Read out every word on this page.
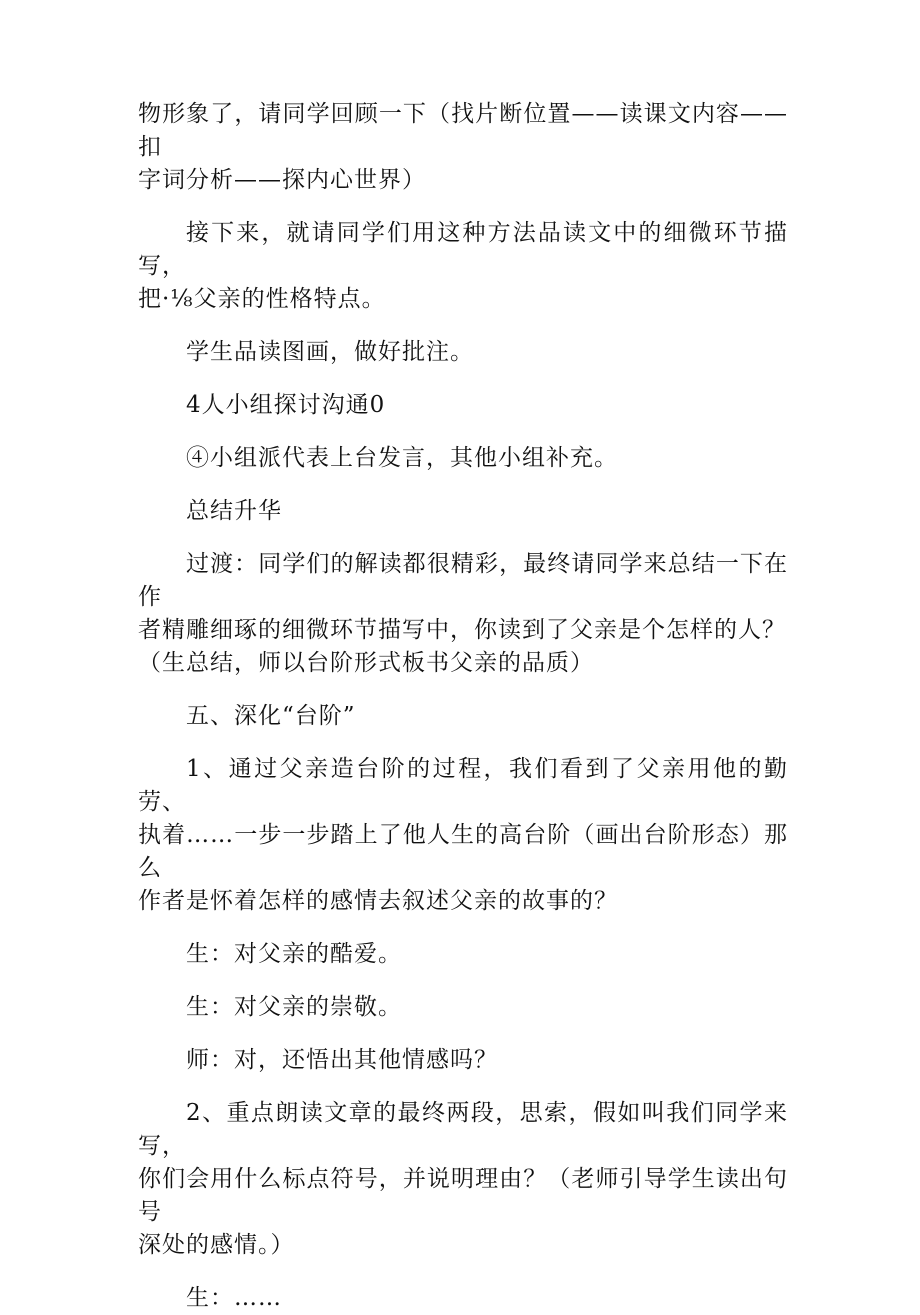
物形象了，请同学回顾一下（找片断位置——读课文内容——扣
字词分析——探内心世界）

接下来，就请同学们用这种方法品读文中的细微环节描写，
把·⅛父亲的性格特点。

学生品读图画，做好批注。

4人小组探讨沟通0

④小组派代表上台发言，其他小组补充。

总结升华

过渡：同学们的解读都很精彩，最终请同学来总结一下在作
者精雕细琢的细微环节描写中，你读到了父亲是个怎样的人？
（生总结，师以台阶形式板书父亲的品质）

五、深化“台阶”

1、通过父亲造台阶的过程，我们看到了父亲用他的勤劳、
执着……一步一步踏上了他人生的高台阶（画出台阶形态）那么
作者是怀着怎样的感情去叙述父亲的故事的？

生：对父亲的酷爱。

生：对父亲的崇敬。

师：对，还悟出其他情感吗？

2、重点朗读文章的最终两段，思索，假如叫我们同学来写，
你们会用什么标点符号，并说明理由？（老师引导学生读出句号
深处的感情。）

生：……
